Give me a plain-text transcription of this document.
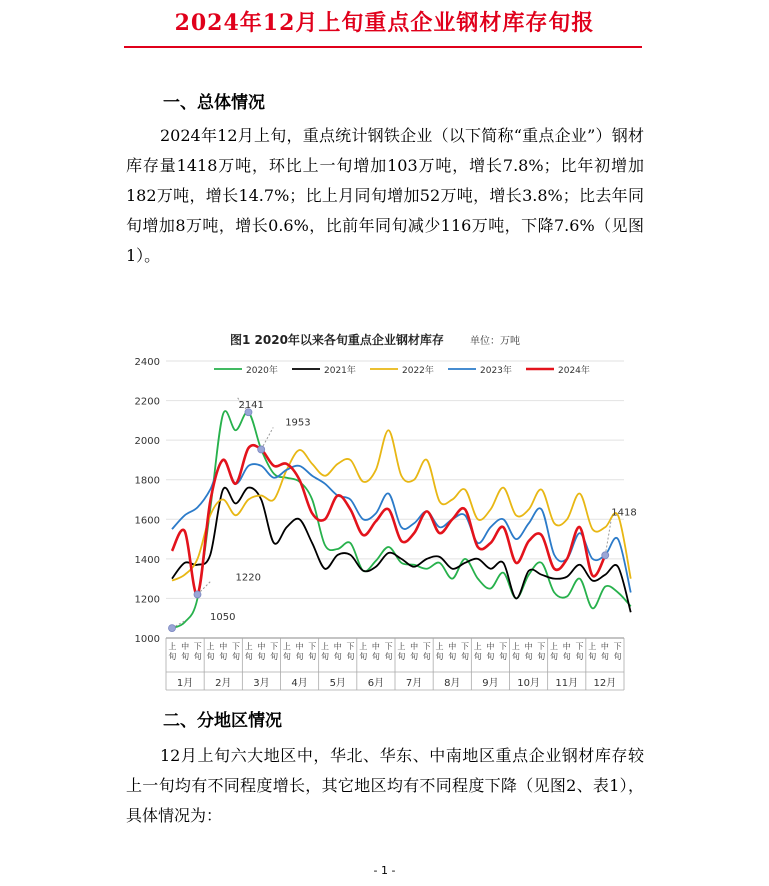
2024年12月上旬重点企业钢材库存旬报
一、总体情况
2024年12月上旬，重点统计钢铁企业（以下简称“重点企业”）钢材库存量1418万吨，环比上一旬增加103万吨，增长7.8%；比年初增加182万吨，增长14.7%；比上月同旬增加52万吨，增长3.8%；比去年同旬增加8万吨，增长0.6%，比前年同旬减少116万吨，下降7.6%（见图1）。
图1 2020年以来各旬重点企业钢材库存	单位：万吨
1000
1200
1400
1600
1800
2000
2200
2400
2020年	2021年	2022年	2023年	2024年
2141
1953
1220
1050
1418
上
旬
中
旬
下
旬
1月
上
旬
中
旬
下
旬
2月
上
旬
中
旬
下
旬
3月
上
旬
中
旬
下
旬
4月
上
旬
中
旬
下
旬
5月
上
旬
中
旬
下
旬
6月
上
旬
中
旬
下
旬
7月
上
旬
中
旬
下
旬
8月
上
旬
中
旬
下
旬
9月
上
旬
中
旬
下
旬
10月
上
旬
中
旬
下
旬
11月
上
旬
中
旬
下
旬
12月
二、分地区情况
12月上旬六大地区中，华北、华东、中南地区重点企业钢材库存较上一旬均有不同程度增长，其它地区均有不同程度下降（见图2、表1），具体情况为：
- 1 -
